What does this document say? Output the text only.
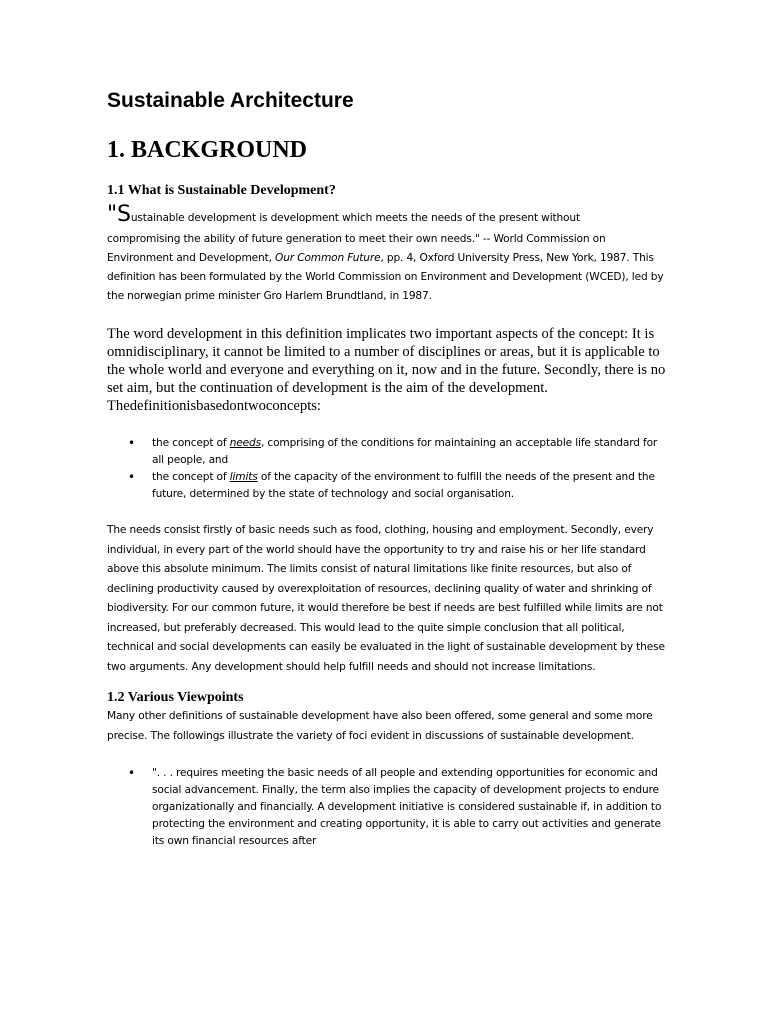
Sustainable Architecture
1. BACKGROUND
1.1 What is Sustainable Development?

"Sustainable development is development which meets the needs of the present without

compromising the ability of future generation to meet their own needs." -- World Commission on Environment and Development, Our Common Future, pp. 4, Oxford University Press, New York, 1987. This definition has been formulated by the World Commission on Environment and Development (WCED), led by the norwegian prime minister Gro Harlem Brundtland, in 1987.

The word development in this definition implicates two important aspects of the concept: It is omnidisciplinary, it cannot be limited to a number of disciplines or areas, but it is applicable to the whole world and everyone and everything on it, now and in the future. Secondly, there is no set aim, but the continuation of development is the aim of the development. Thedefinitionisbasedontwoconcepts:

• the concept of needs, comprising of the conditions for maintaining an acceptable life standard for all people, and
• the concept of limits of the capacity of the environment to fulfill the needs of the present and the future, determined by the state of technology and social organisation.

The needs consist firstly of basic needs such as food, clothing, housing and employment. Secondly, every individual, in every part of the world should have the opportunity to try and raise his or her life standard above this absolute minimum. The limits consist of natural limitations like finite resources, but also of declining productivity caused by overexploitation of resources, declining quality of water and shrinking of biodiversity. For our common future, it would therefore be best if needs are best fulfilled while limits are not increased, but preferably decreased. This would lead to the quite simple conclusion that all political, technical and social developments can easily be evaluated in the light of sustainable development by these two arguments. Any development should help fulfill needs and should not increase limitations.

1.2 Various Viewpoints

Many other definitions of sustainable development have also been offered, some general and some more precise. The followings illustrate the variety of foci evident in discussions of sustainable development.

• ". . . requires meeting the basic needs of all people and extending opportunities for economic and social advancement. Finally, the term also implies the capacity of development projects to endure organizationally and financially. A development initiative is considered sustainable if, in addition to protecting the environment and creating opportunity, it is able to carry out activities and generate its own financial resources after
